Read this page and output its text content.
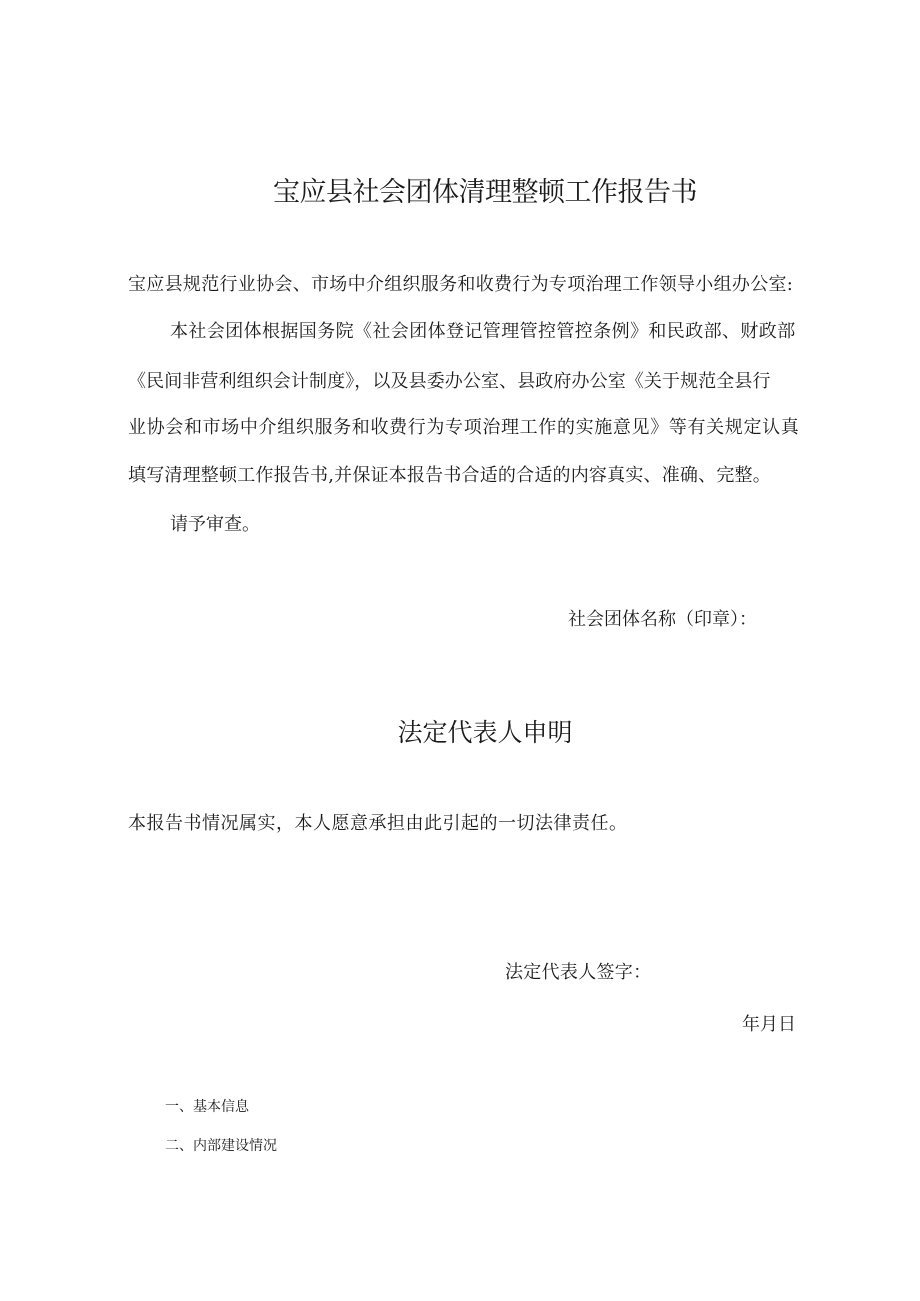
宝应县社会团体清理整顿工作报告书
宝应县规范行业协会、市场中介组织服务和收费行为专项治理工作领导小组办公室:
本社会团体根据国务院《社会团体登记管理管控管控条例》和民政部、财政部
《民间非营利组织会计制度》，以及县委办公室、县政府办公室《关于规范全县行
业协会和市场中介组织服务和收费行为专项治理工作的实施意见》等有关规定认真
填写清理整顿工作报告书,并保证本报告书合适的合适的内容真实、准确、完整。
请予审查。
社会团体名称（印章）：
法定代表人申明
本报告书情况属实，本人愿意承担由此引起的一切法律责任。
法定代表人签字：
年月日
一、基本信息
二、内部建设情况
